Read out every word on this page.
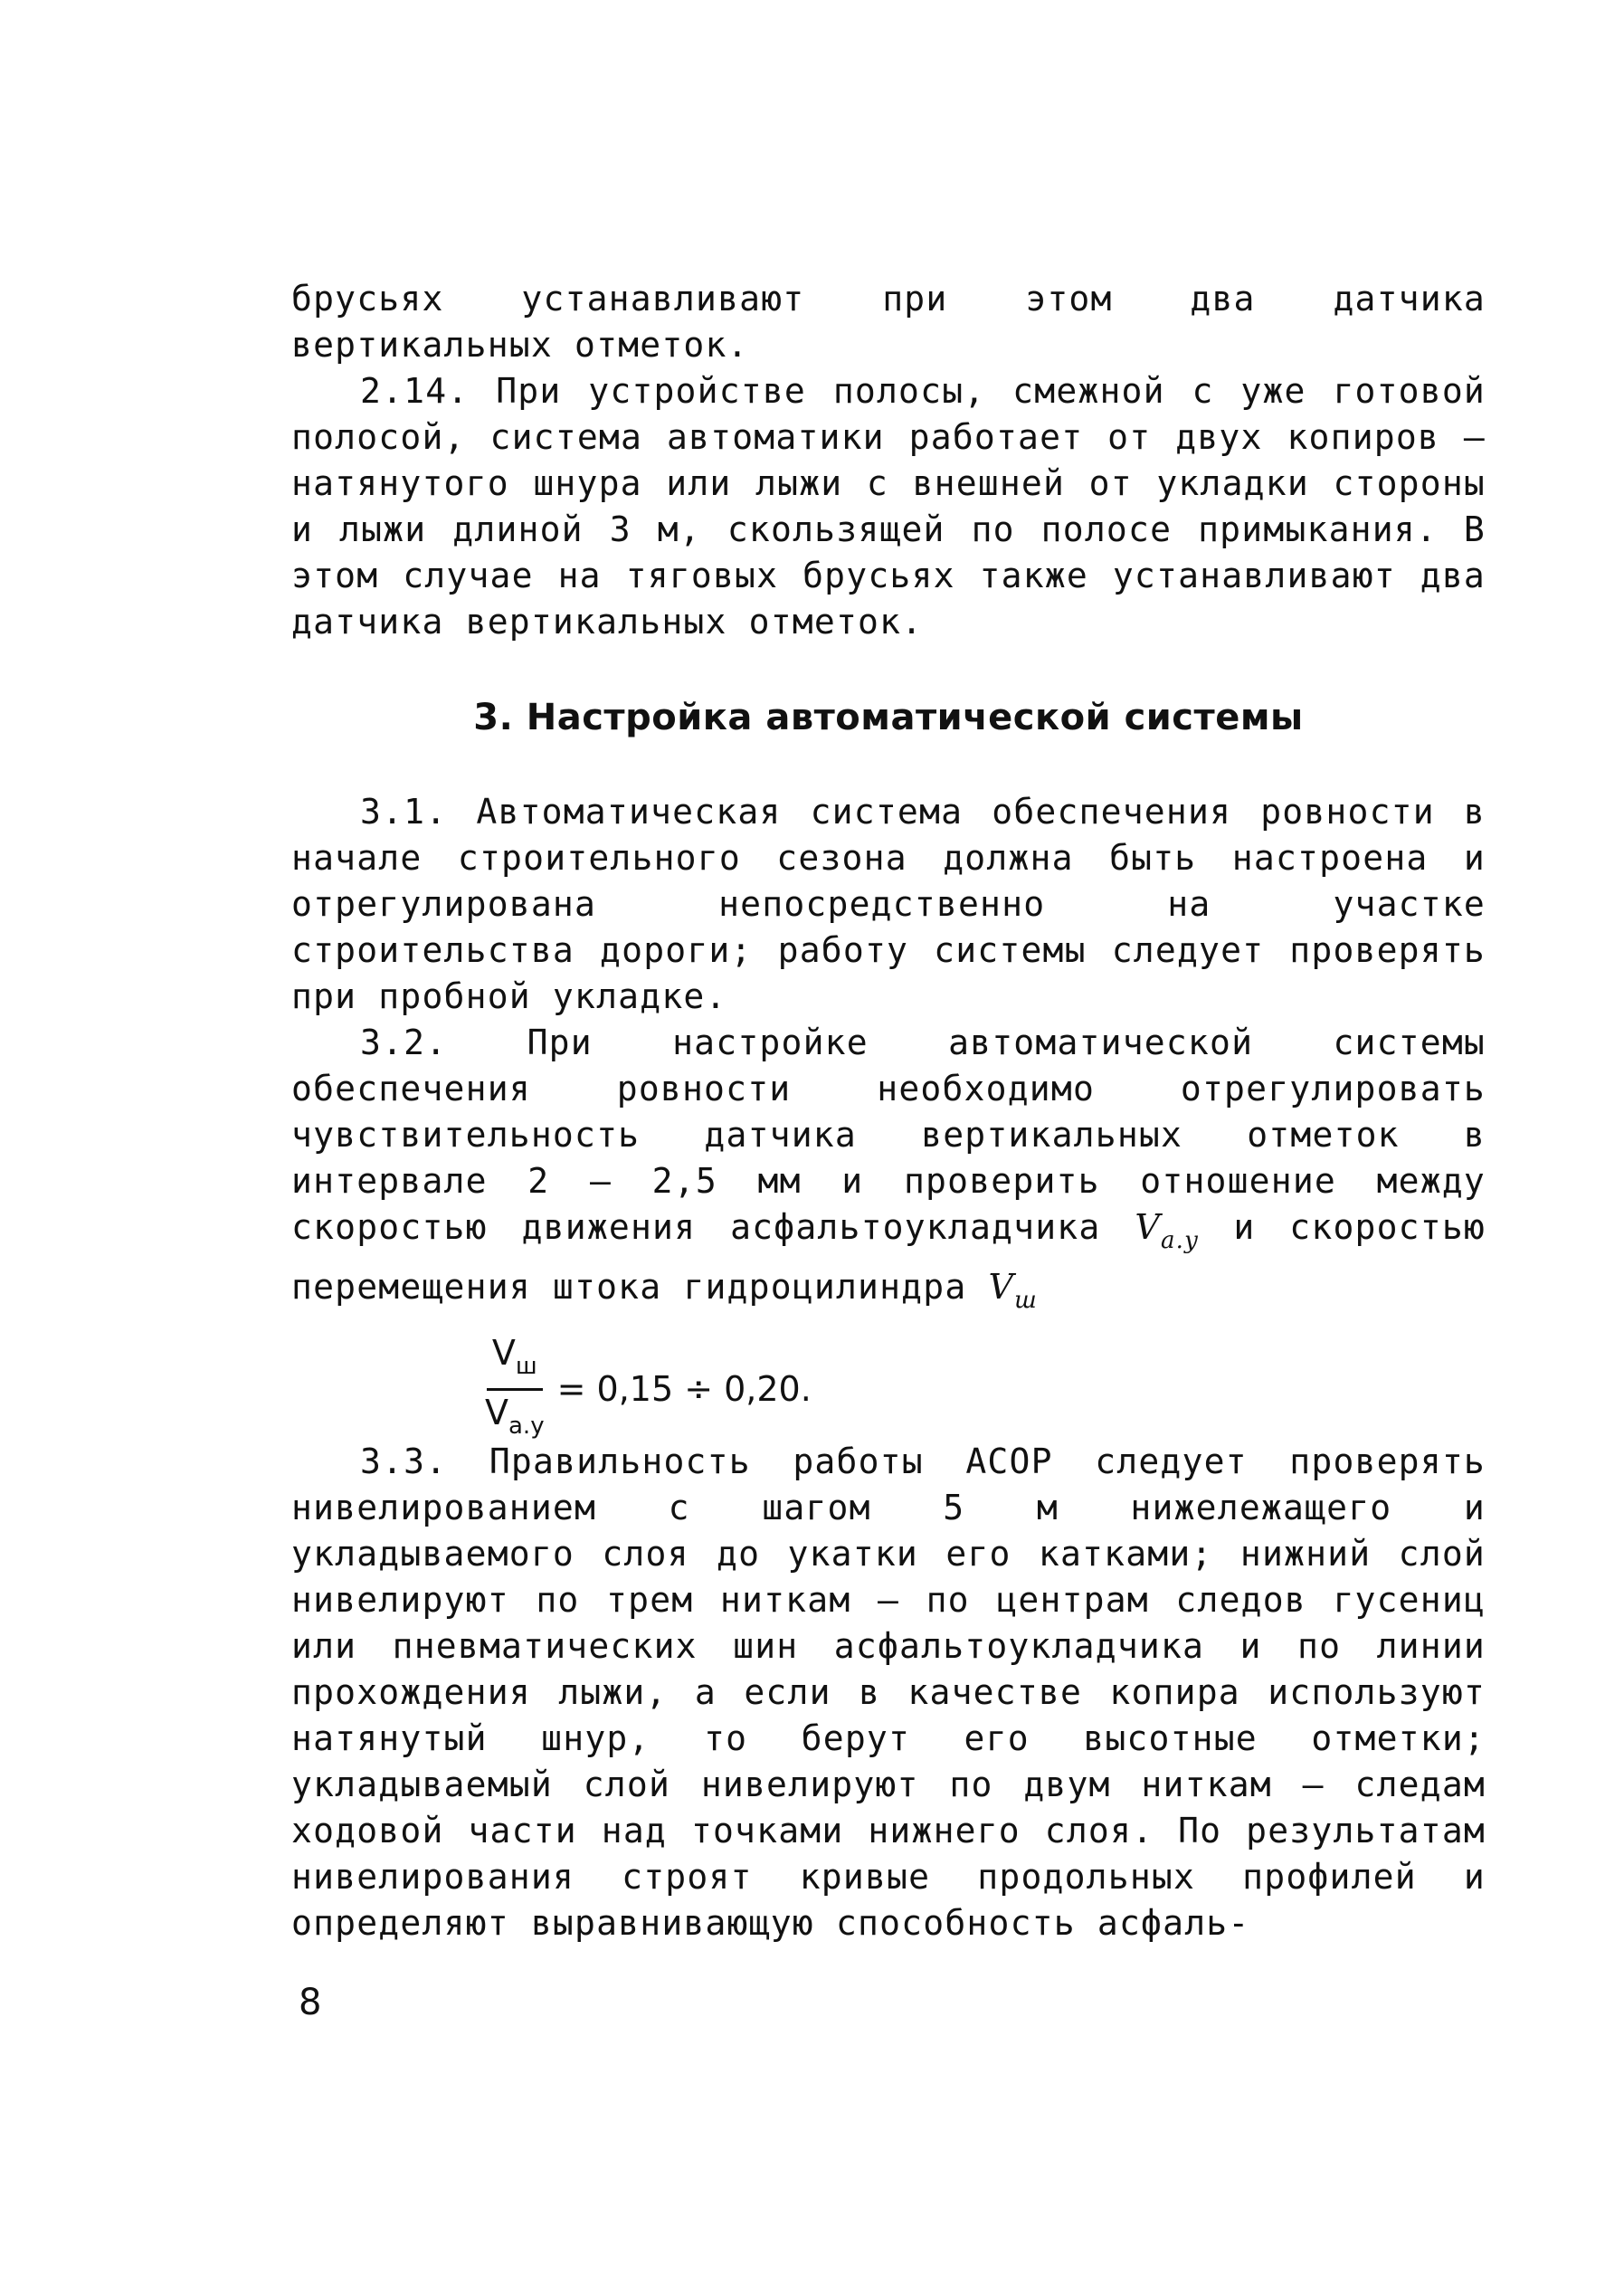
брусьях устанавливают при этом два датчика вертикальных отметок.

2.14. При устройстве полосы, смежной с уже готовой полосой, система автоматики работает от двух копиров – натянутого шнура или лыжи с внешней от укладки стороны и лыжи длиной 3 м, скользящей по полосе примыкания. В этом случае на тяговых брусьях также устанавливают два датчика вертикальных отметок.

3. Настройка автоматической системы

3.1. Автоматическая система обеспечения ровности в начале строительного сезона должна быть настроена и отрегулирована непосредственно на участке строительства дороги; работу системы следует проверять при пробной укладке.

3.2. При настройке автоматической системы обеспечения ровности необходимо отрегулировать чувствительность датчика вертикальных отметок в интервале 2 – 2,5 мм и проверить отношение между скоростью движения асфальтоукладчика $V_{а.у}$ и скоростью перемещения штока гидроцилиндра $V_ш$

$\frac{V_ш}{V_{а.у}} = 0,15 \div 0,20$.

3.3. Правильность работы АСОР следует проверять нивелированием с шагом 5 м нижележащего и укладываемого слоя до укатки его катками; нижний слой нивелируют по трем ниткам – по центрам следов гусениц или пневматических шин асфальтоукладчика и по линии прохождения лыжи, а если в качестве копира используют натянутый шнур, то берут его высотные отметки; укладываемый слой нивелируют по двум ниткам – следам ходовой части над точками нижнего слоя. По результатам нивелирования строят кривые продольных профилей и определяют выравнивающую способность асфаль-

8
